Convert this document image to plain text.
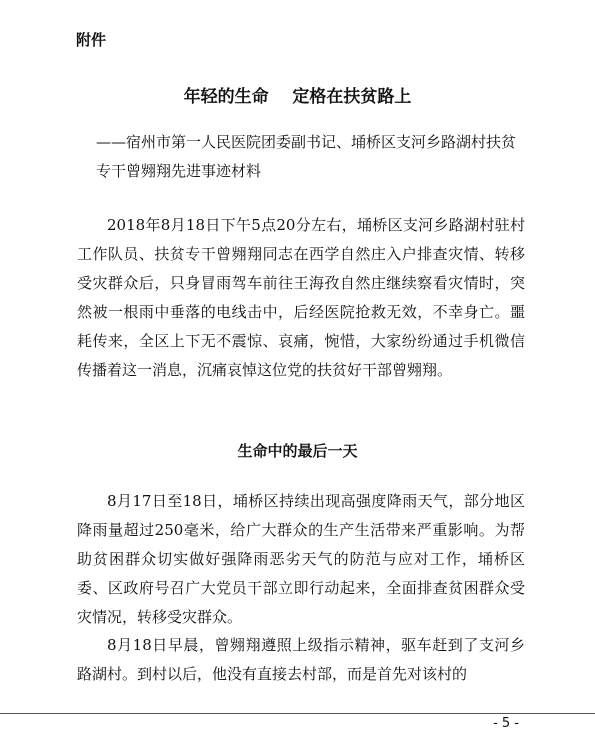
附件
年轻的生命    定格在扶贫路上
——宿州市第一人民医院团委副书记、埇桥区支河乡路湖村扶贫专干曾翙翔先进事迹材料
2018年8月18日下午5点20分左右，埇桥区支河乡路湖村驻村工作队员、扶贫专干曾翙翔同志在西学自然庄入户排查灾情、转移受灾群众后，只身冒雨驾车前往王海孜自然庄继续察看灾情时，突然被一根雨中垂落的电线击中，后经医院抢救无效，不幸身亡。噩耗传来，全区上下无不震惊、哀痛，惋惜，大家纷纷通过手机微信传播着这一消息，沉痛哀悼这位党的扶贫好干部曾翙翔。
生命中的最后一天
8月17日至18日，埇桥区持续出现高强度降雨天气，部分地区降雨量超过250毫米，给广大群众的生产生活带来严重影响。为帮助贫困群众切实做好强降雨恶劣天气的防范与应对工作，埇桥区委、区政府号召广大党员干部立即行动起来，全面排查贫困群众受灾情况，转移受灾群众。
8月18日早晨，曾翙翔遵照上级指示精神，驱车赶到了支河乡路湖村。到村以后，他没有直接去村部，而是首先对该村的
- 5 -
